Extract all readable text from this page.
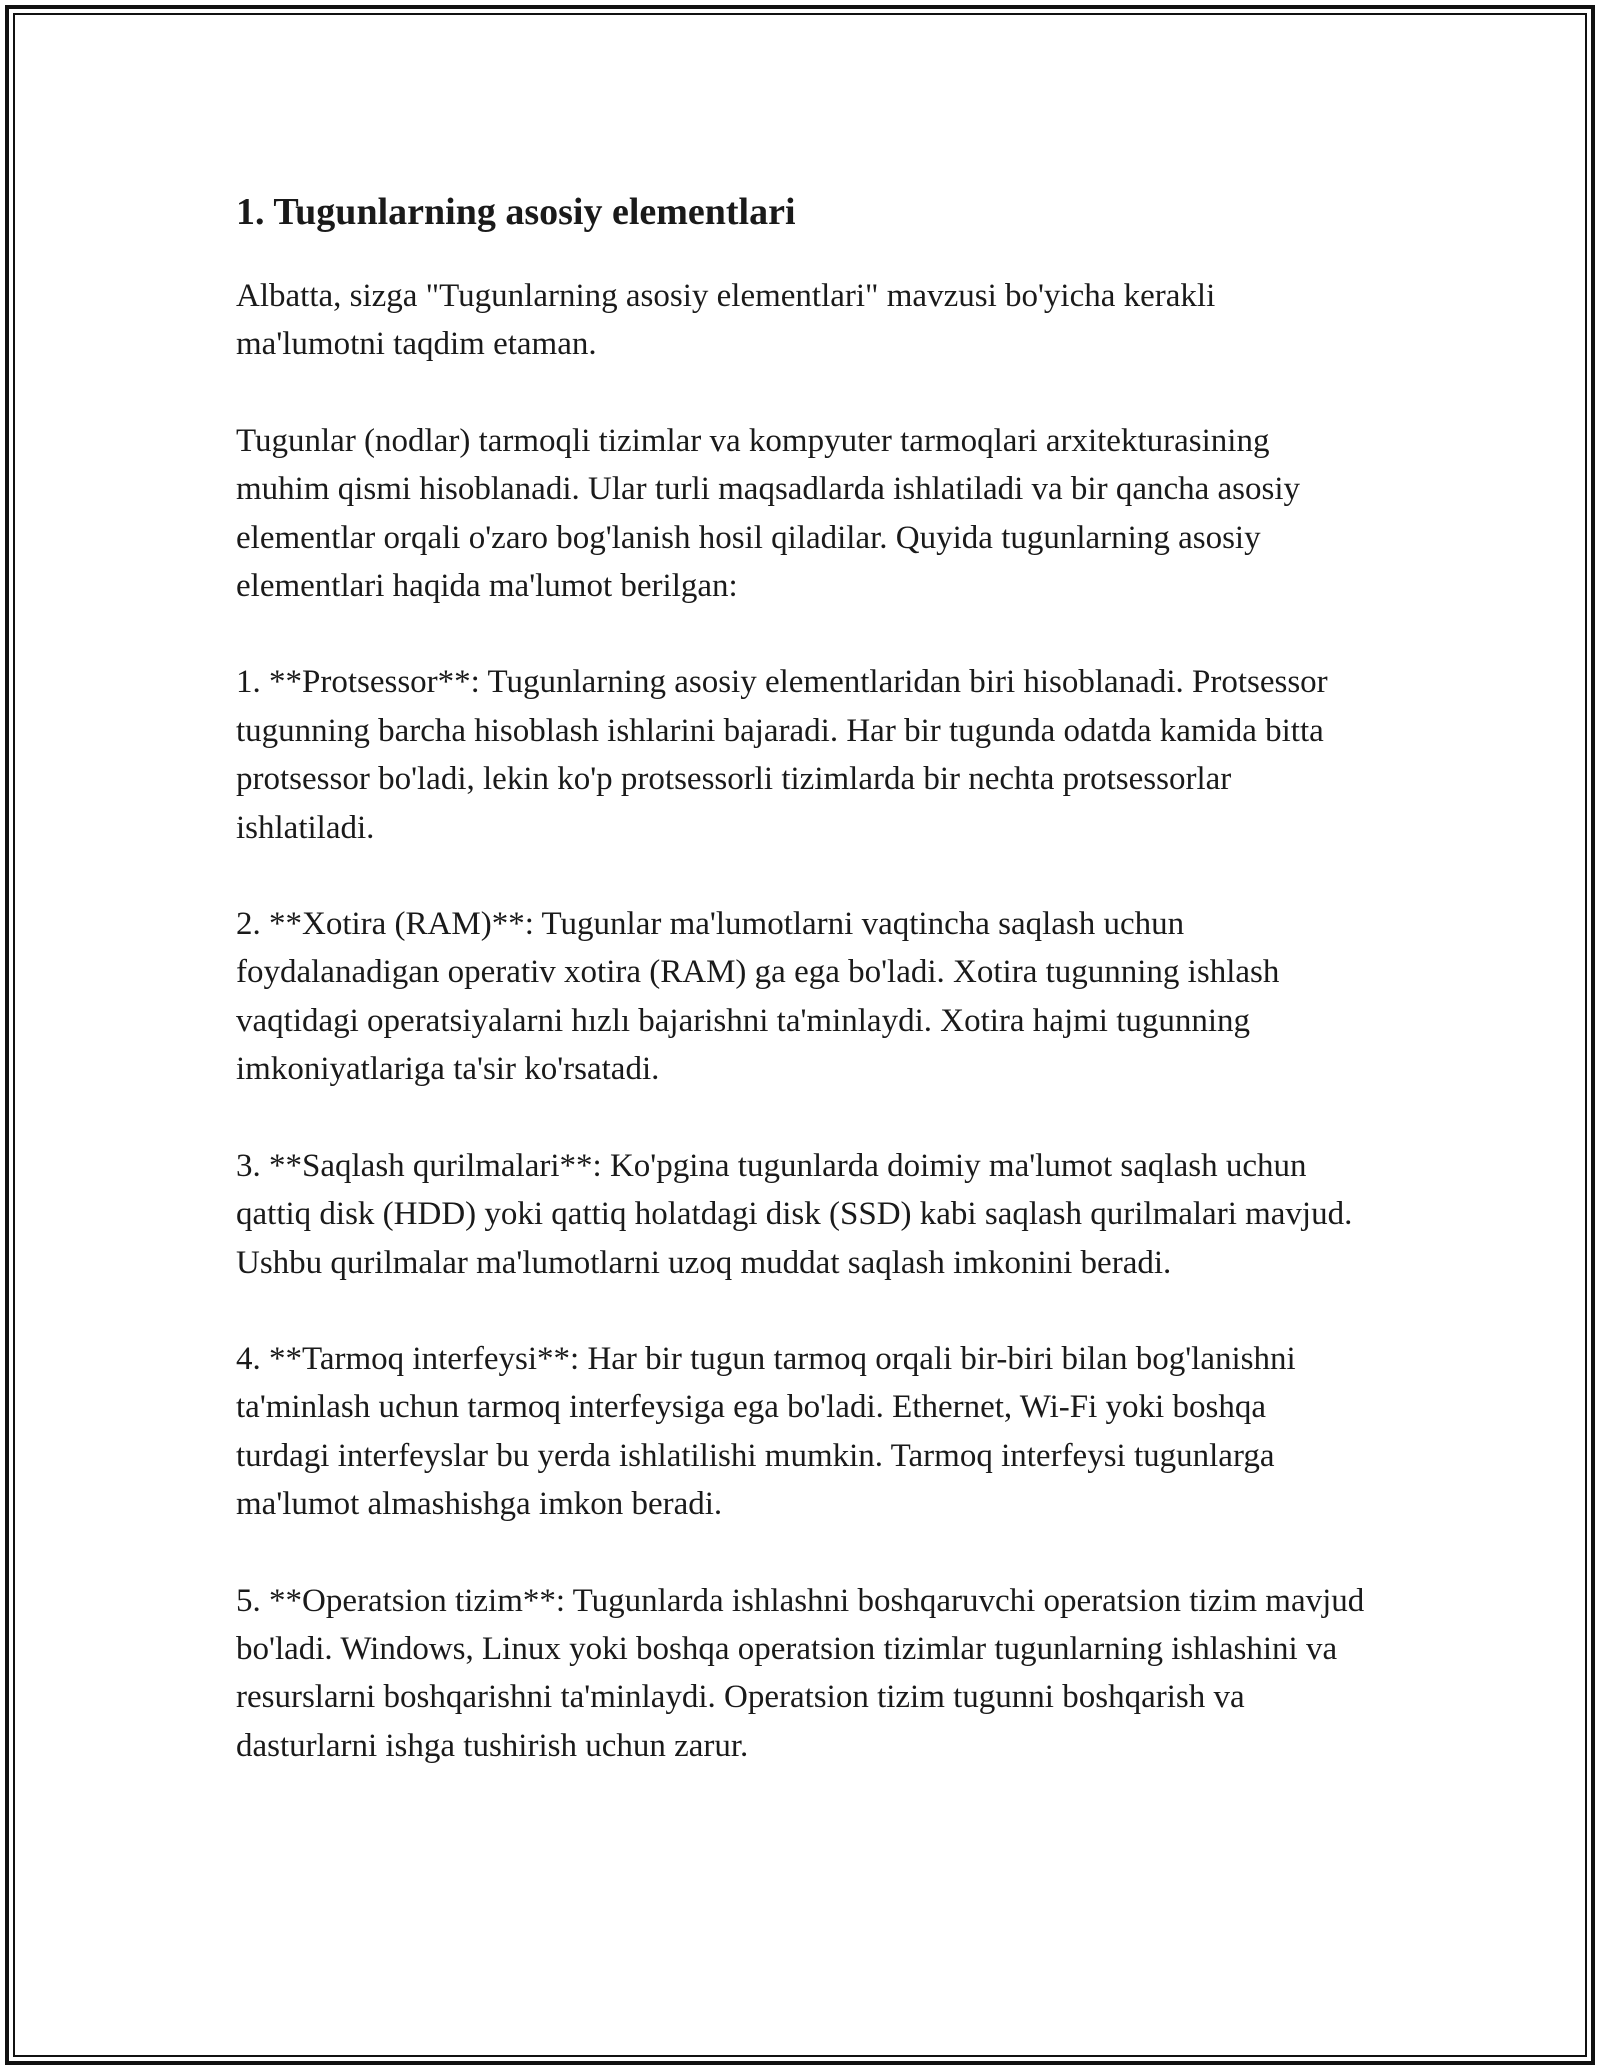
1. Tugunlarning asosiy elementlari

Albatta, sizga "Tugunlarning asosiy elementlari" mavzusi bo'yicha kerakli ma'lumotni taqdim etaman.

Tugunlar (nodlar) tarmoqli tizimlar va kompyuter tarmoqlari arxitekturasining muhim qismi hisoblanadi. Ular turli maqsadlarda ishlatiladi va bir qancha asosiy elementlar orqali o'zaro bog'lanish hosil qiladilar. Quyida tugunlarning asosiy elementlari haqida ma'lumot berilgan:

1. **Protsessor**: Tugunlarning asosiy elementlaridan biri hisoblanadi. Protsessor tugunning barcha hisoblash ishlarini bajaradi. Har bir tugunda odatda kamida bitta protsessor bo'ladi, lekin ko'p protsessorli tizimlarda bir nechta protsessorlar ishlatiladi.

2. **Xotira (RAM)**: Tugunlar ma'lumotlarni vaqtincha saqlash uchun foydalanadigan operativ xotira (RAM) ga ega bo'ladi. Xotira tugunning ishlash vaqtidagi operatsiyalarni hızlı bajarishni ta'minlaydi. Xotira hajmi tugunning imkoniyatlariga ta'sir ko'rsatadi.

3. **Saqlash qurilmalari**: Ko'pgina tugunlarda doimiy ma'lumot saqlash uchun qattiq disk (HDD) yoki qattiq holatdagi disk (SSD) kabi saqlash qurilmalari mavjud. Ushbu qurilmalar ma'lumotlarni uzoq muddat saqlash imkonini beradi.

4. **Tarmoq interfeysi**: Har bir tugun tarmoq orqali bir-biri bilan bog'lanishni ta'minlash uchun tarmoq interfeysiga ega bo'ladi. Ethernet, Wi-Fi yoki boshqa turdagi interfeyslar bu yerda ishlatilishi mumkin. Tarmoq interfeysi tugunlarga ma'lumot almashishga imkon beradi.

5. **Operatsion tizim**: Tugunlarda ishlashni boshqaruvchi operatsion tizim mavjud bo'ladi. Windows, Linux yoki boshqa operatsion tizimlar tugunlarning ishlashini va resurslarni boshqarishni ta'minlaydi. Operatsion tizim tugunni boshqarish va dasturlarni ishga tushirish uchun zarur.
